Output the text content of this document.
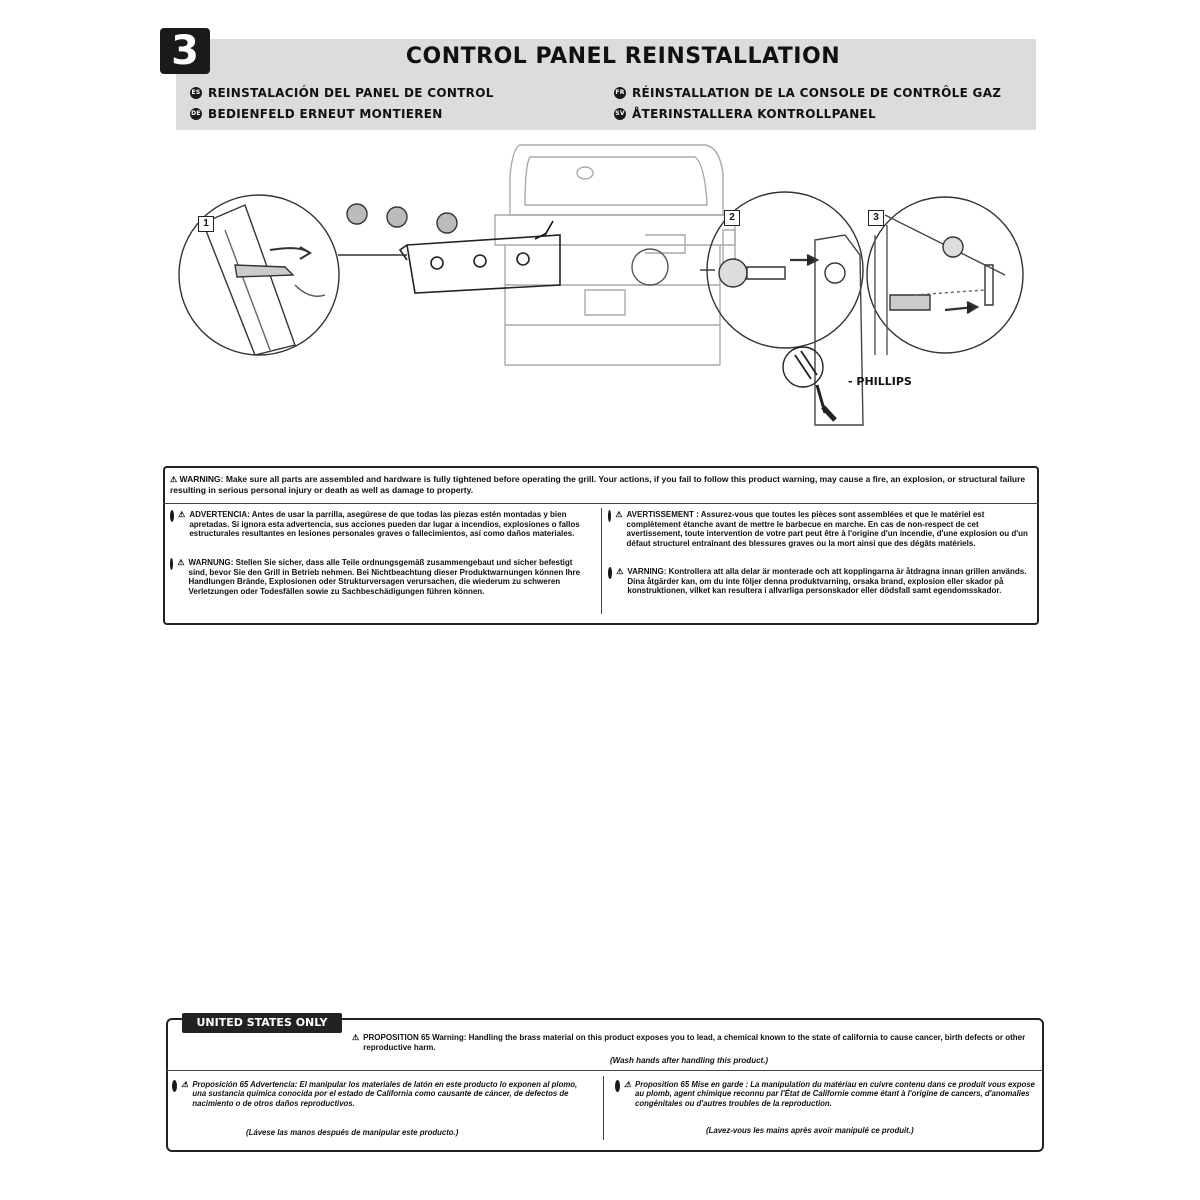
3	CONTROL PANEL REINSTALLATION
ES REINSTALACIÓN DEL PANEL DE CONTROL	FR RÉINSTALLATION DE LA CONSOLE DE CONTRÔLE GAZ
DE BEDIENFELD ERNEUT MONTIEREN	SV ÅTERINSTALLERA KONTROLLPANEL
1
2	3
- PHILLIPS
⚠ WARNING: Make sure all parts are assembled and hardware is fully tightened before operating the grill. Your actions, if you fail to follow this product warning, may cause a fire, an explosion, or structural failure resulting in serious personal injury or death as well as damage to property.
⚠ ADVERTENCIA: Antes de usar la parrilla, asegúrese de que todas las piezas estén montadas y bien apretadas. Si ignora esta advertencia, sus acciones pueden dar lugar a incendios, explosiones o fallos estructurales resultantes en lesiones personales graves o fallecimientos, así como daños materiales.
⚠ WARNUNG: Stellen Sie sicher, dass alle Teile ordnungsgemäß zusammengebaut und sicher befestigt sind, bevor Sie den Grill in Betrieb nehmen. Bei Nichtbeachtung dieser Produktwarnungen können Ihre Handlungen Brände, Explosionen oder Strukturversagen verursachen, die wiederum zu schweren Verletzungen oder Todesfällen sowie zu Sachbeschädigungen führen können.
⚠ AVERTISSEMENT : Assurez-vous que toutes les pièces sont assemblées et que le matériel est complètement étanche avant de mettre le barbecue en marche. En cas de non-respect de cet avertissement, toute intervention de votre part peut être à l'origine d'un incendie, d'une explosion ou d'un défaut structurel entraînant des blessures graves ou la mort ainsi que des dégâts matériels.
⚠ VARNING: Kontrollera att alla delar är monterade och att kopplingarna är åtdragna innan grillen används. Dina åtgärder kan, om du inte följer denna produktvarning, orsaka brand, explosion eller skador på konstruktionen, vilket kan resultera i allvarliga personskador eller dödsfall samt egendomsskador.
UNITED STATES ONLY
⚠ PROPOSITION 65 Warning: Handling the brass material on this product exposes you to lead, a chemical known to the state of california to cause cancer, birth defects or other reproductive harm.
(Wash hands after handling this product.)
⚠ Proposición 65 Advertencia: El manipular los materiales de latón en este producto lo exponen al plomo, una sustancia química conocida por el estado de California como causante de cáncer, de defectos de nacimiento o de otros daños reproductivos.
(Lávese las manos después de manipular este producto.)
⚠ Proposition 65 Mise en garde : La manipulation du matériau en cuivre contenu dans ce produit vous expose au plomb, agent chimique reconnu par l'État de Californie comme étant à l'origine de cancers, d'anomalies congénitales ou d'autres troubles de la reproduction.
(Lavez-vous les mains après avoir manipulé ce produit.)
